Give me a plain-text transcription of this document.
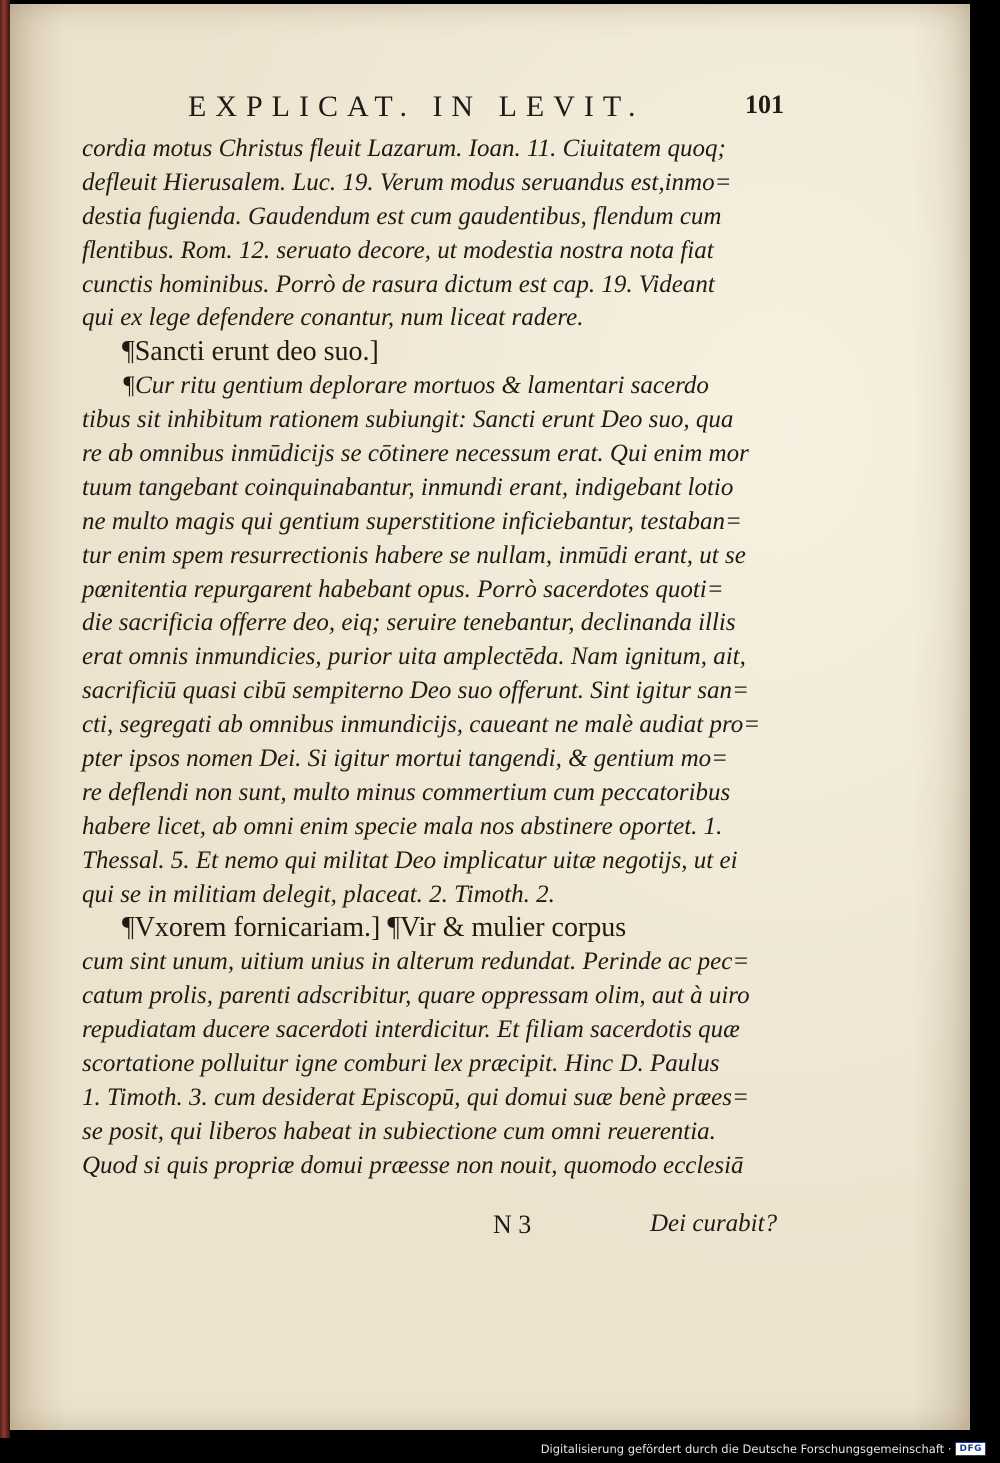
EXPLICAT. IN LEVIT.	101
cordia motus Christus fleuit Lazarum. Ioan. 11. Ciuitatem quoq;
defleuit Hierusalem. Luc. 19. Verum modus seruandus est,inmo=
destia fugienda. Gaudendum est cum gaudentibus, flendum cum
flentibus. Rom. 12. seruato decore, ut modestia nostra nota fiat
cunctis hominibus. Porrò de rasura dictum est cap. 19. Videant
qui ex lege defendere conantur, num liceat radere.
¶Sancti erunt deo suo.]
¶Cur ritu gentium deplorare mortuos & lamentari sacerdo
tibus sit inhibitum rationem subiungit: Sancti erunt Deo suo, qua
re ab omnibus inmūdicijs se cōtinere necessum erat. Qui enim mor
tuum tangebant coinquinabantur, inmundi erant, indigebant lotio
ne multo magis qui gentium superstitione inficiebantur, testaban=
tur enim spem resurrectionis habere se nullam, inmūdi erant, ut se
pœnitentia repurgarent habebant opus. Porrò sacerdotes quoti=
die sacrificia offerre deo, eiq; seruire tenebantur, declinanda illis
erat omnis inmundicies, purior uita amplectēda. Nam ignitum, ait,
sacrificiū quasi cibū sempiterno Deo suo offerunt. Sint igitur san=
cti, segregati ab omnibus inmundicijs, caueant ne malè audiat pro=
pter ipsos nomen Dei. Si igitur mortui tangendi, & gentium mo=
re deflendi non sunt, multo minus commertium cum peccatoribus
habere licet, ab omni enim specie mala nos abstinere oportet. 1.
Thessal. 5. Et nemo qui militat Deo implicatur uitæ negotijs, ut ei
qui se in militiam delegit, placeat. 2. Timoth. 2.
¶Vxorem fornicariam.] ¶Vir & mulier corpus
cum sint unum, uitium unius in alterum redundat. Perinde ac pec=
catum prolis, parenti adscribitur, quare oppressam olim, aut à uiro
repudiatam ducere sacerdoti interdicitur. Et filiam sacerdotis quæ
scortatione polluitur igne comburi lex præcipit. Hinc D. Paulus
1. Timoth. 3. cum desiderat Episcopū, qui domui suæ benè præes=
se posit, qui liberos habeat in subiectione cum omni reuerentia.
Quod si quis propriæ domui præesse non nouit, quomodo ecclesiā
N 3	Dei curabit?
Digitalisierung gefördert durch die Deutsche Forschungsgemeinschaft · DFG
